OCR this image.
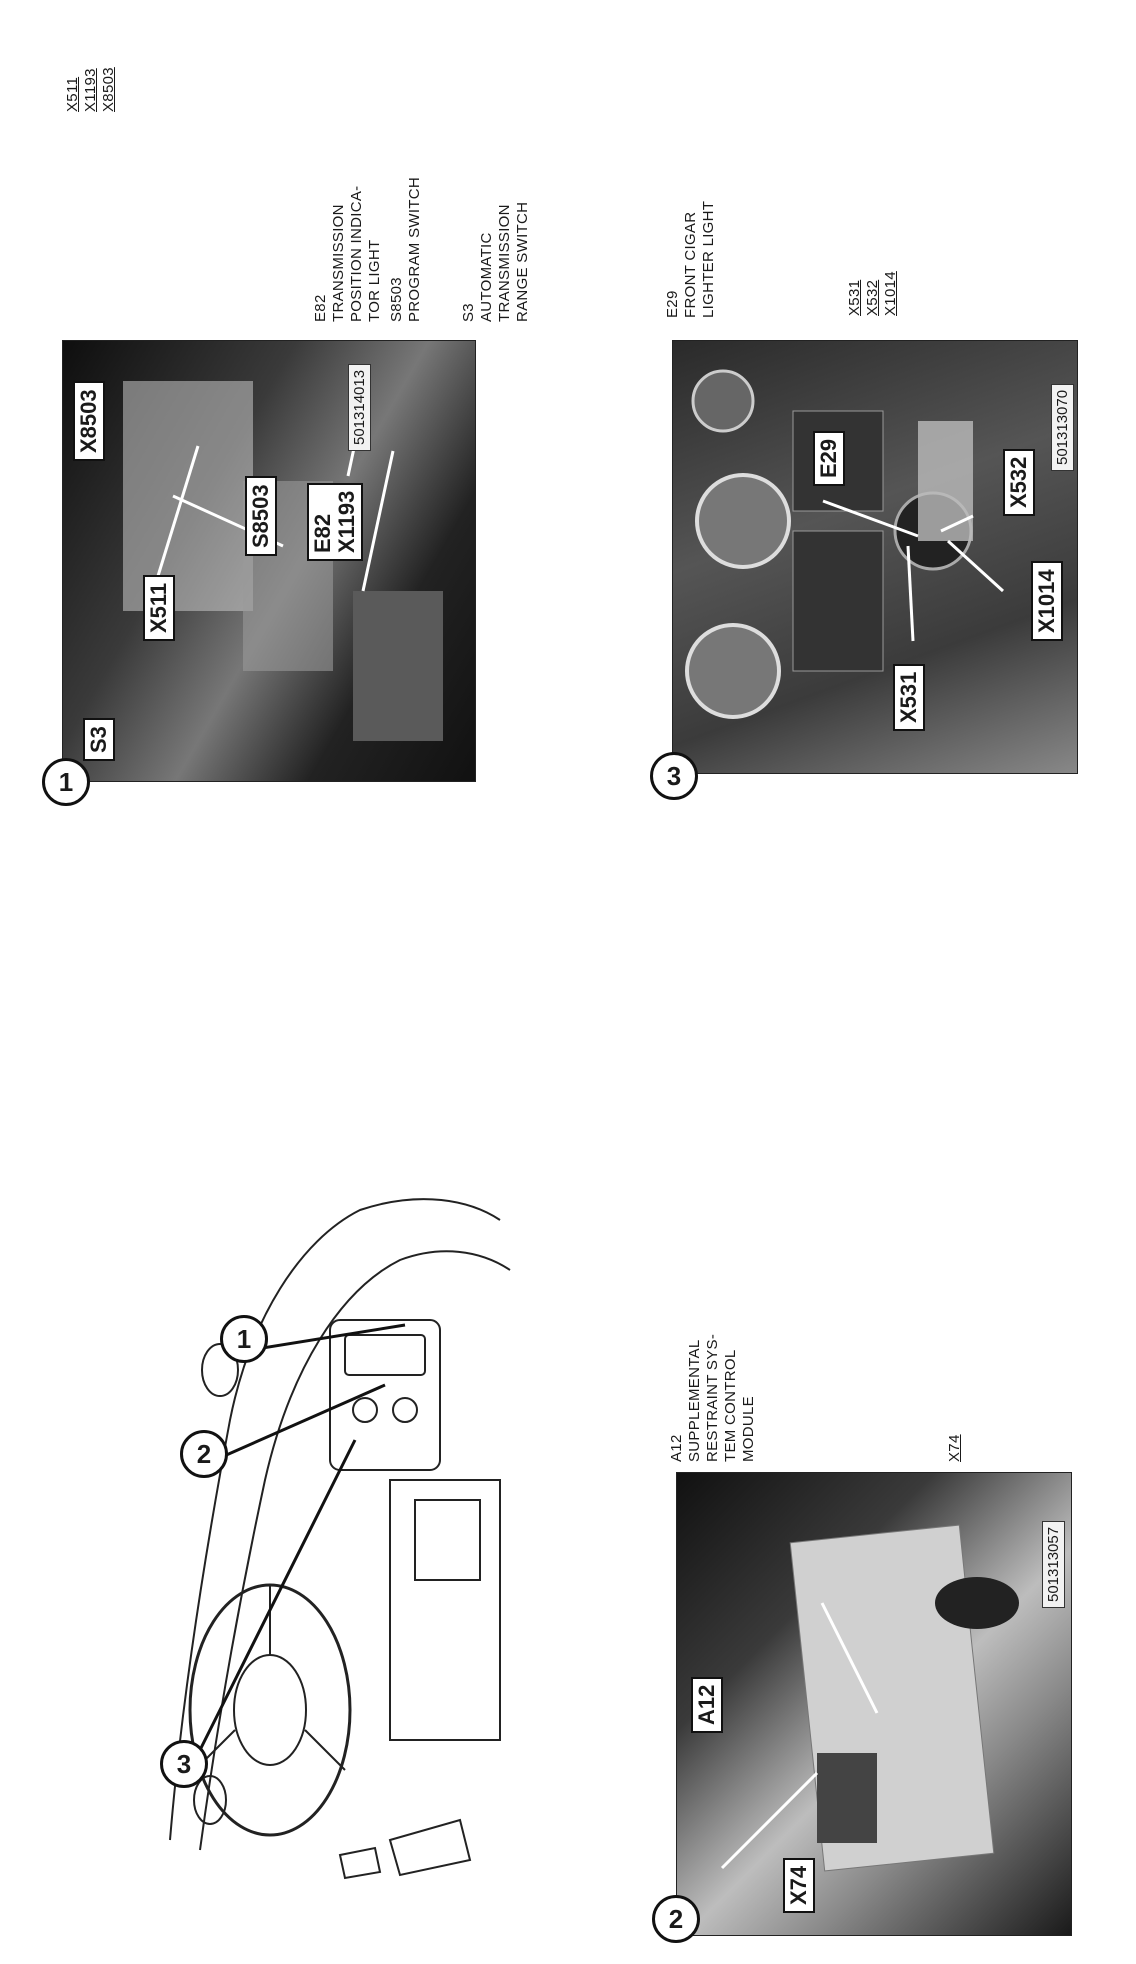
3
2
1
S3
X511
X8503
S8503 E82 X1193
501314013
1
X531
E29	X532
X1014
501313070
3
A12
X74
501313057
2
X511 X1193 X8503
E82 TRANSMISSION POSITION INDICA- TOR LIGHT	S3 AUTOMATIC TRANSMISSION RANGE SWITCH
S8503 PROGRAM SWITCH	E29 FRONT CIGAR LIGHTER LIGHT	X531 X532 X1014
A12 SUPPLEMENTAL RESTRAINT SYS- TEM CONTROL MODULE	X74
